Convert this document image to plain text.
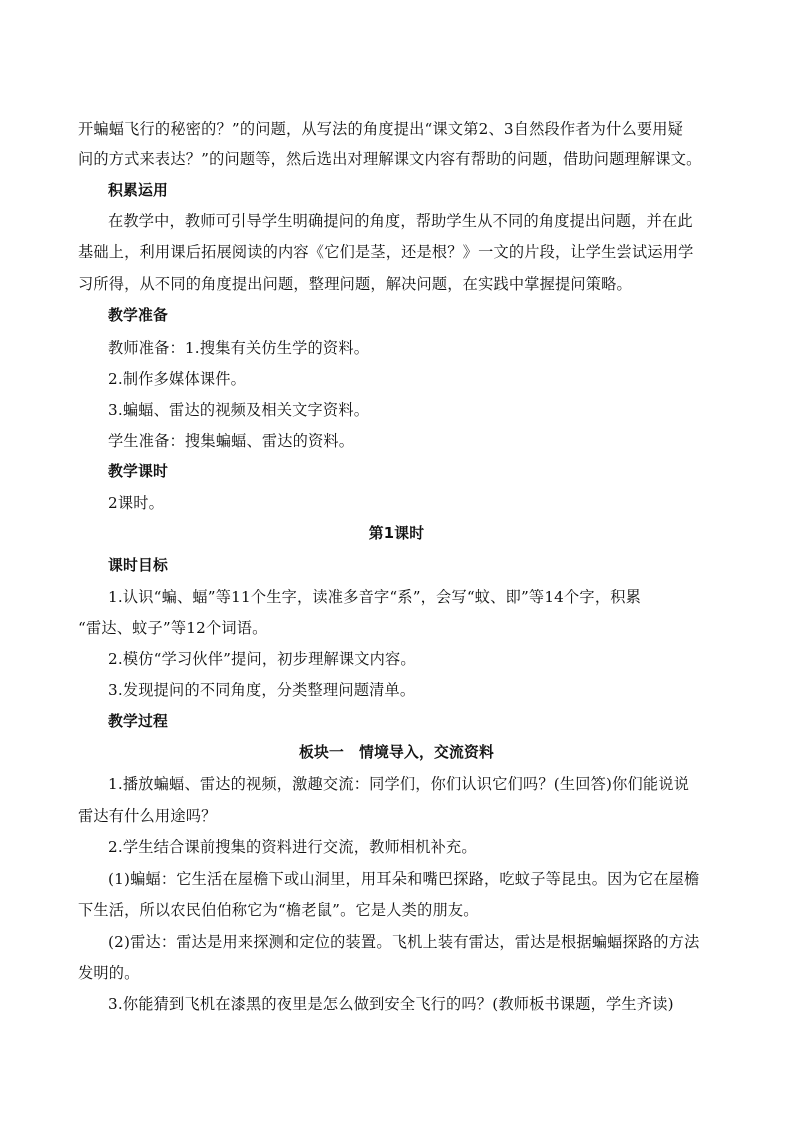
开蝙蝠飞行的秘密的？”的问题，从写法的角度提出“课文第2、3自然段作者为什么要用疑
问的方式来表达？”的问题等，然后选出对理解课文内容有帮助的问题，借助问题理解课文。
积累运用
在教学中，教师可引导学生明确提问的角度，帮助学生从不同的角度提出问题，并在此
基础上，利用课后拓展阅读的内容《它们是茎，还是根？》一文的片段，让学生尝试运用学
习所得，从不同的角度提出问题，整理问题，解决问题，在实践中掌握提问策略。
教学准备
教师准备：1.搜集有关仿生学的资料。
2.制作多媒体课件。
3.蝙蝠、雷达的视频及相关文字资料。
学生准备：搜集蝙蝠、雷达的资料。
教学课时
2课时。
第1课时
课时目标
1.认识“蝙、蝠”等11个生字，读准多音字“系”，会写“蚊、即”等14个字，积累
“雷达、蚊子”等12个词语。
2.模仿“学习伙伴”提问，初步理解课文内容。
3.发现提问的不同角度，分类整理问题清单。
教学过程
板块一　情境导入，交流资料
1.播放蝙蝠、雷达的视频，激趣交流：同学们，你们认识它们吗？(生回答)你们能说说
雷达有什么用途吗？
2.学生结合课前搜集的资料进行交流，教师相机补充。
(1)蝙蝠：它生活在屋檐下或山洞里，用耳朵和嘴巴探路，吃蚊子等昆虫。因为它在屋檐
下生活，所以农民伯伯称它为“檐老鼠”。它是人类的朋友。
(2)雷达：雷达是用来探测和定位的装置。飞机上装有雷达，雷达是根据蝙蝠探路的方法
发明的。
3.你能猜到飞机在漆黑的夜里是怎么做到安全飞行的吗？(教师板书课题，学生齐读)
